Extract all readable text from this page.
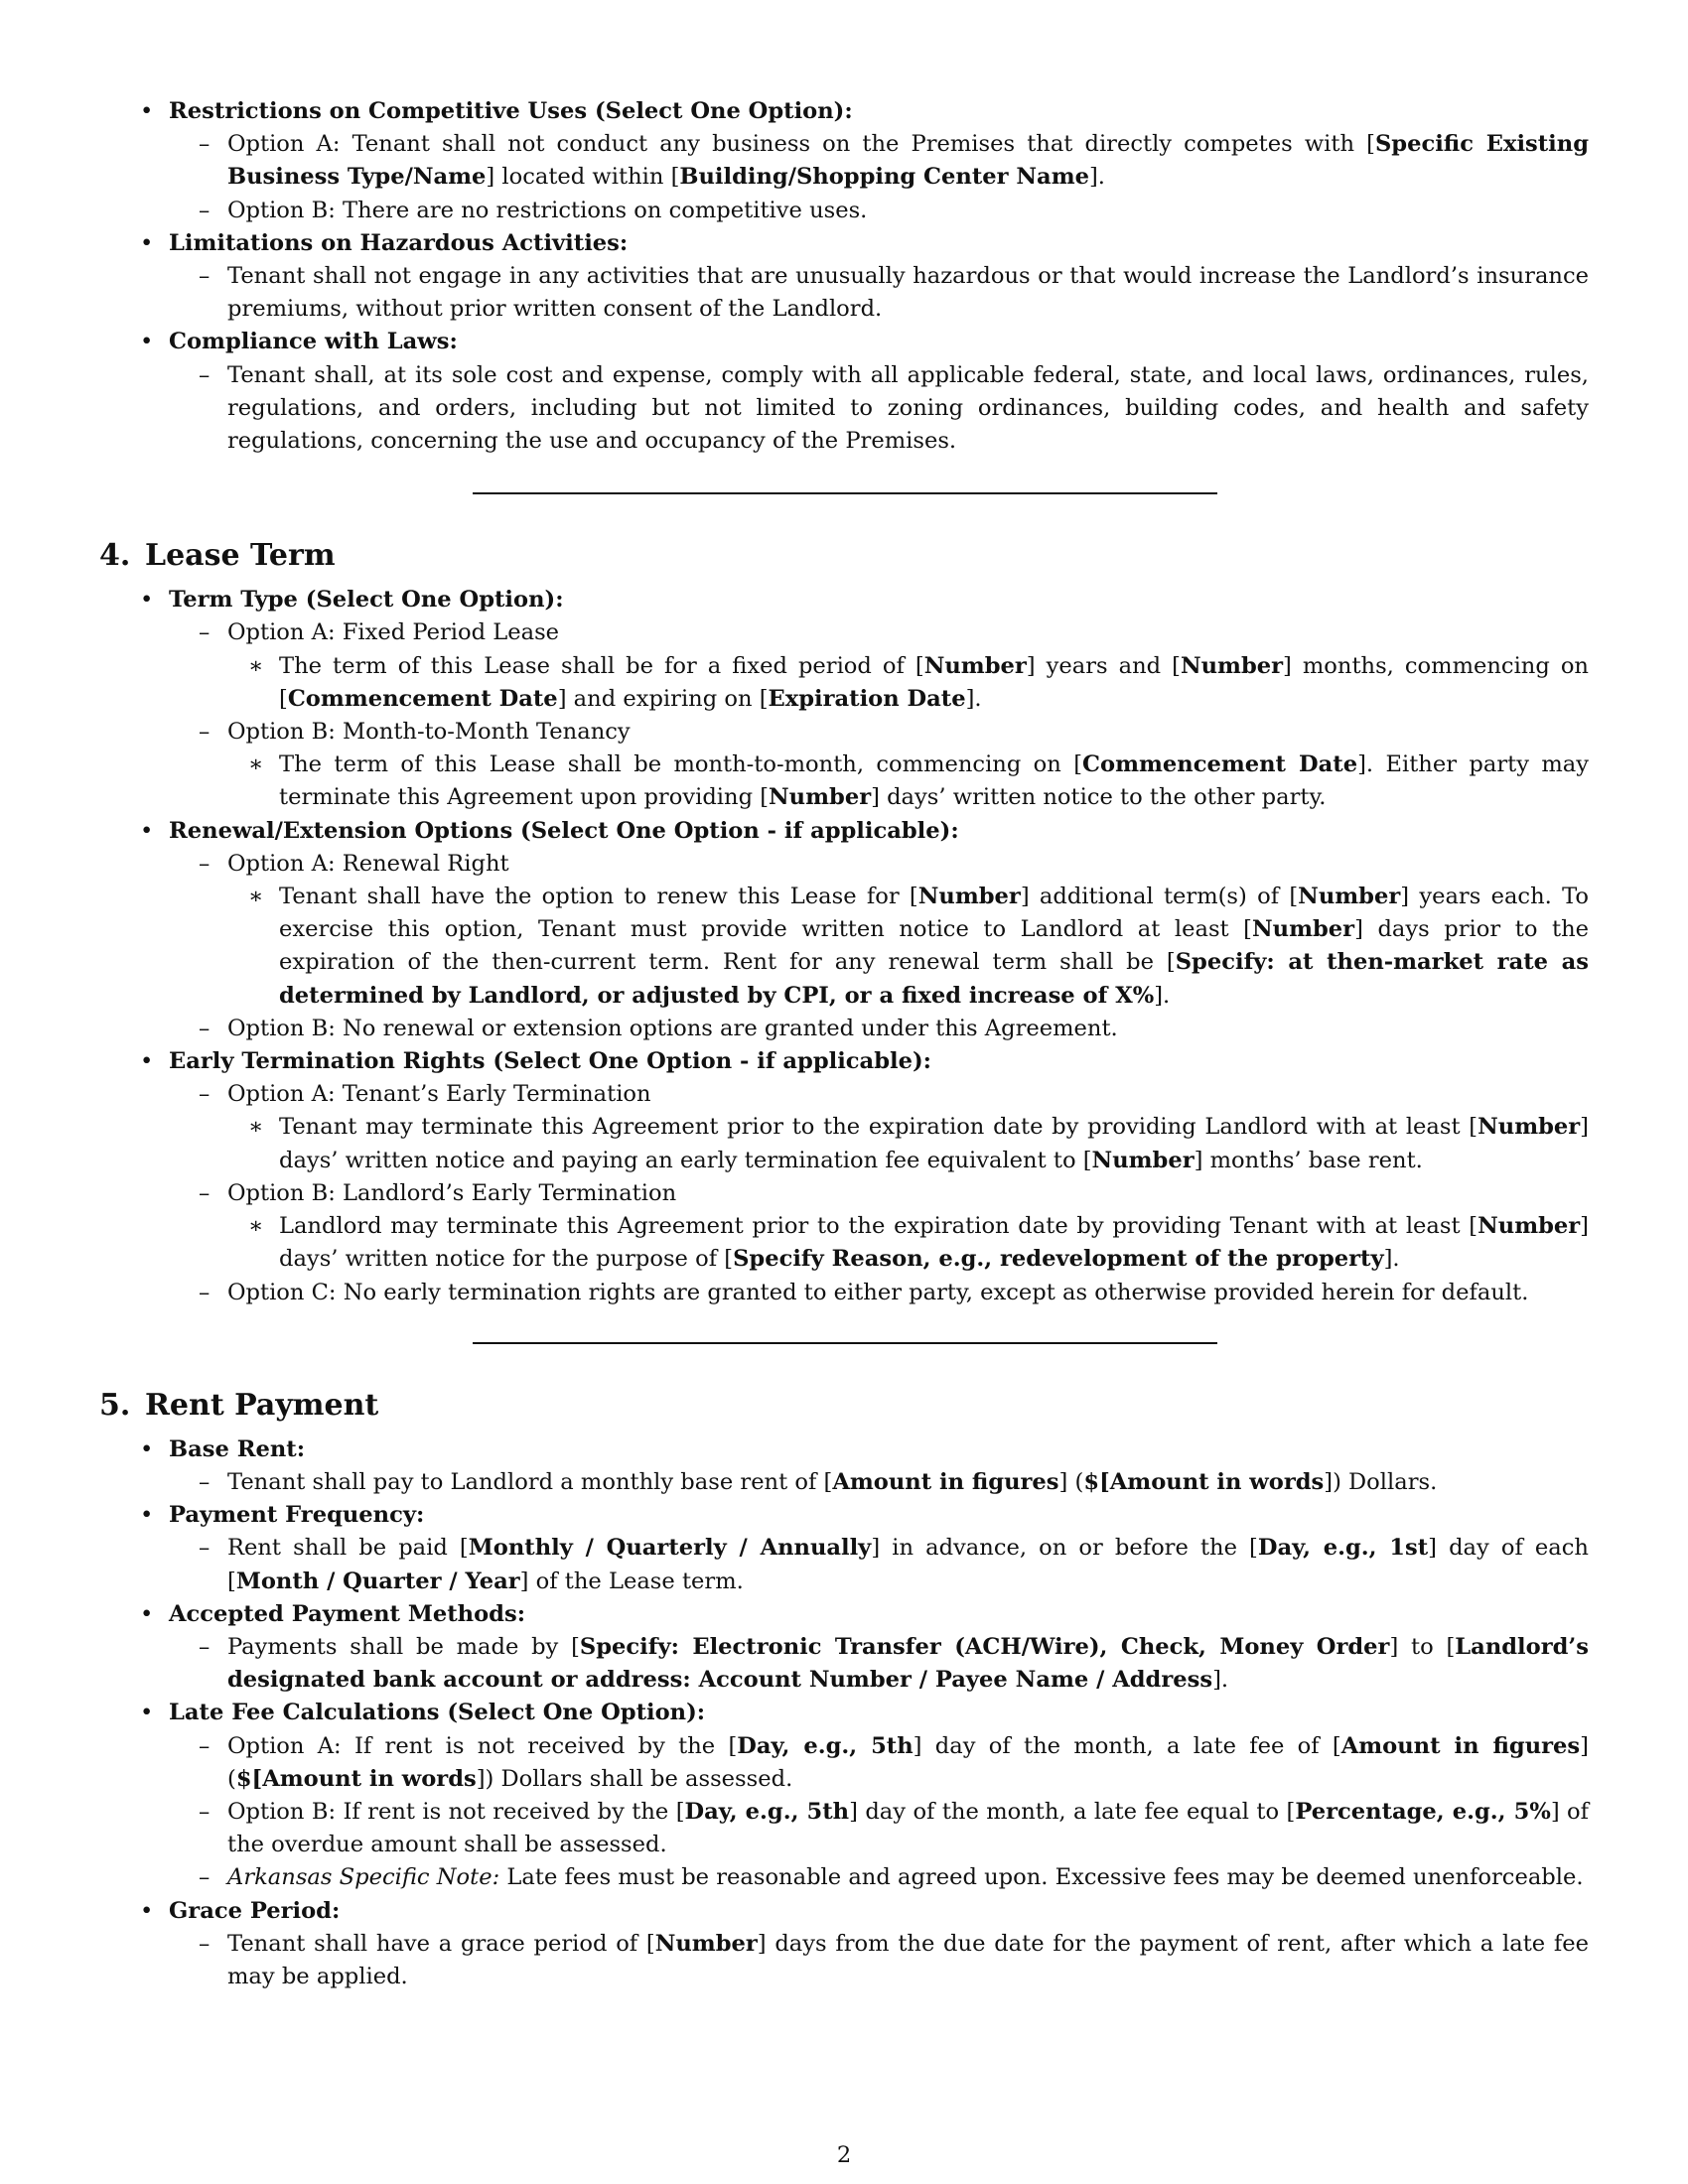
• Restrictions on Competitive Uses (Select One Option):
– Option A: Tenant shall not conduct any business on the Premises that directly competes with [Specific Existing Business Type/Name] located within [Building/Shopping Center Name].
– Option B: There are no restrictions on competitive uses.
• Limitations on Hazardous Activities:
– Tenant shall not engage in any activities that are unusually hazardous or that would increase the Landlord’s insurance premiums, without prior written consent of the Landlord.
• Compliance with Laws:
– Tenant shall, at its sole cost and expense, comply with all applicable federal, state, and local laws, ordinances, rules, regulations, and orders, including but not limited to zoning ordinances, building codes, and health and safety regulations, concerning the use and occupancy of the Premises.
4. Lease Term
• Term Type (Select One Option):
– Option A: Fixed Period Lease
∗ The term of this Lease shall be for a fixed period of [Number] years and [Number] months, commencing on [Commencement Date] and expiring on [Expiration Date].
– Option B: Month-to-Month Tenancy
∗ The term of this Lease shall be month-to-month, commencing on [Commencement Date]. Either party may terminate this Agreement upon providing [Number] days’ written notice to the other party.
• Renewal/Extension Options (Select One Option - if applicable):
– Option A: Renewal Right
∗ Tenant shall have the option to renew this Lease for [Number] additional term(s) of [Number] years each. To exercise this option, Tenant must provide written notice to Landlord at least [Number] days prior to the expiration of the then-current term. Rent for any renewal term shall be [Specify: at then-market rate as determined by Landlord, or adjusted by CPI, or a fixed increase of X%].
– Option B: No renewal or extension options are granted under this Agreement.
• Early Termination Rights (Select One Option - if applicable):
– Option A: Tenant’s Early Termination
∗ Tenant may terminate this Agreement prior to the expiration date by providing Landlord with at least [Number] days’ written notice and paying an early termination fee equivalent to [Number] months’ base rent.
– Option B: Landlord’s Early Termination
∗ Landlord may terminate this Agreement prior to the expiration date by providing Tenant with at least [Number] days’ written notice for the purpose of [Specify Reason, e.g., redevelopment of the property].
– Option C: No early termination rights are granted to either party, except as otherwise provided herein for default.
5. Rent Payment
• Base Rent:
– Tenant shall pay to Landlord a monthly base rent of [Amount in figures] ($[Amount in words]) Dollars.
• Payment Frequency:
– Rent shall be paid [Monthly / Quarterly / Annually] in advance, on or before the [Day, e.g., 1st] day of each [Month / Quarter / Year] of the Lease term.
• Accepted Payment Methods:
– Payments shall be made by [Specify: Electronic Transfer (ACH/Wire), Check, Money Order] to [Landlord’s designated bank account or address: Account Number / Payee Name / Address].
• Late Fee Calculations (Select One Option):
– Option A: If rent is not received by the [Day, e.g., 5th] day of the month, a late fee of [Amount in figures] ($[Amount in words]) Dollars shall be assessed.
– Option B: If rent is not received by the [Day, e.g., 5th] day of the month, a late fee equal to [Percentage, e.g., 5%] of the overdue amount shall be assessed.
– Arkansas Specific Note: Late fees must be reasonable and agreed upon. Excessive fees may be deemed unenforceable.
• Grace Period:
– Tenant shall have a grace period of [Number] days from the due date for the payment of rent, after which a late fee may be applied.
2
